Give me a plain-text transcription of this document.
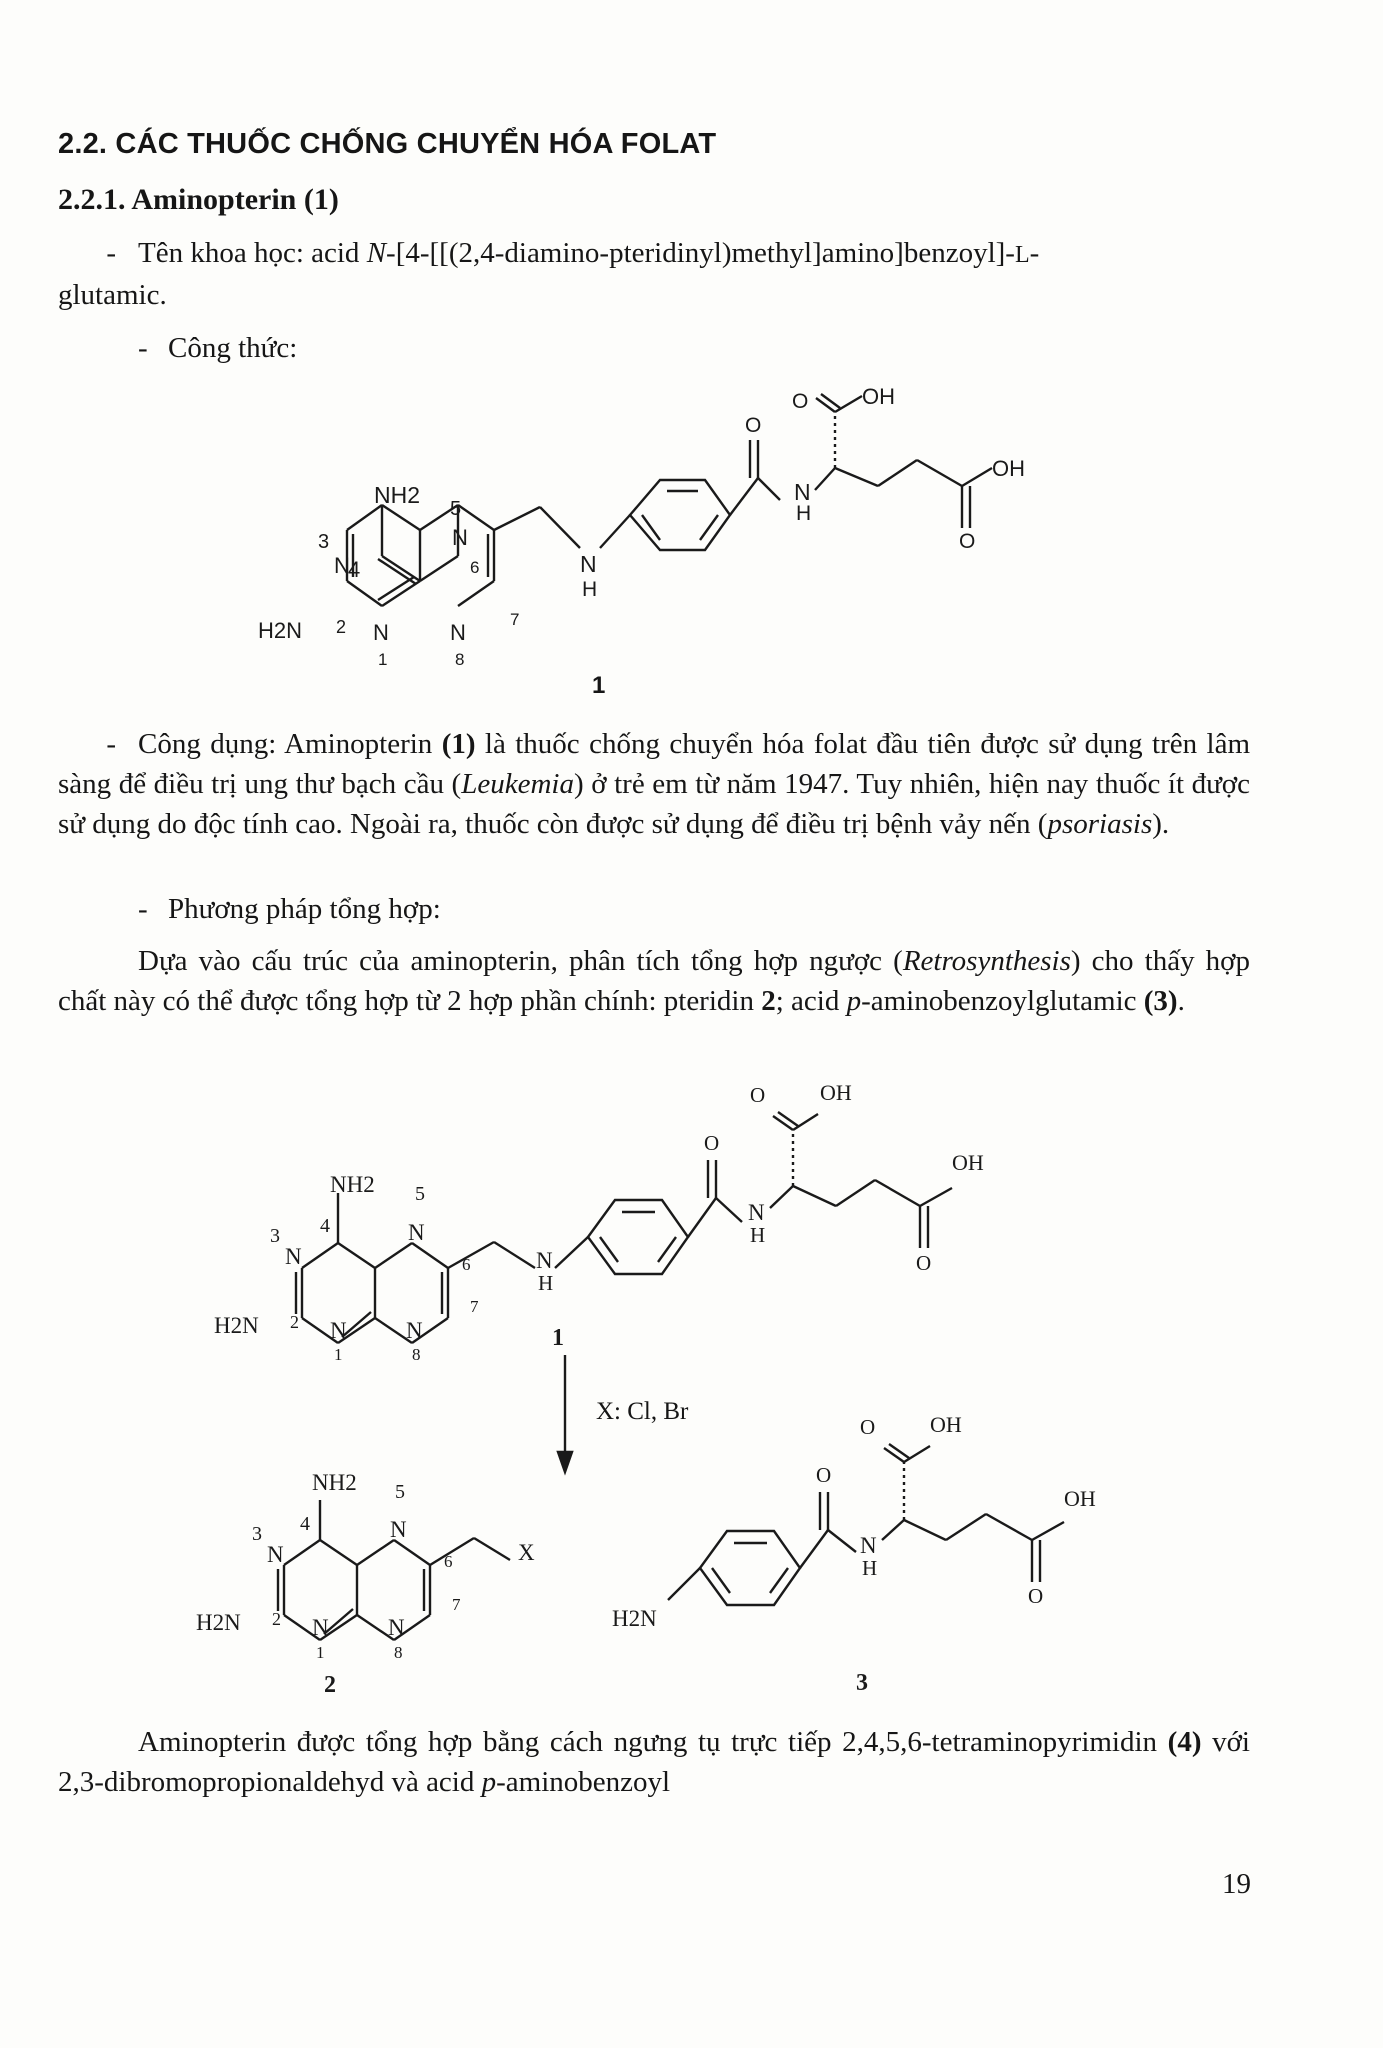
2.2. CÁC THUỐC CHỐNG CHUYỂN HÓA FOLAT
2.2.1. Aminopterin (1)
- Tên khoa học: acid N-[4-[[(2,4-diamino-pteridinyl)methyl]amino]benzoyl]-L-
glutamic.
- Công thức:
NH2
4
N
3
5
N
6
H2N 2 N
1
N
8
7
N
H
O
N
H
O OH
OH
O
1
- Công dụng: Aminopterin (1) là thuốc chống chuyển hóa folat đầu tiên được sử dụng trên lâm sàng để điều trị ung thư bạch cầu (Leukemia) ở trẻ em từ năm 1947. Tuy nhiên, hiện nay thuốc ít được sử dụng do độc tính cao. Ngoài ra, thuốc còn được sử dụng để điều trị bệnh vảy nến (psoriasis).
- Phương pháp tổng hợp:
Dựa vào cấu trúc của aminopterin, phân tích tổng hợp ngược (Retrosynthesis) cho thấy hợp chất này có thể được tổng hợp từ 2 hợp phần chính: pteridin 2; acid p-aminobenzoylglutamic (3).
NH2 5
4
3
N
N
6
H2N 2 N
1
N
8
7
N
H
O
N
H
O OH
OH
O
1
NH2 5
4
3
N
N
6
H2N 2 N
1
N
8
7
X
2
H2N
O
N
H
O OH
OH
O
3
X: Cl, Br
Aminopterin được tổng hợp bằng cách ngưng tụ trực tiếp 2,4,5,6-tetraminopyrimidin (4) với 2,3-dibromopropionaldehyd và acid p-aminobenzoyl
19
